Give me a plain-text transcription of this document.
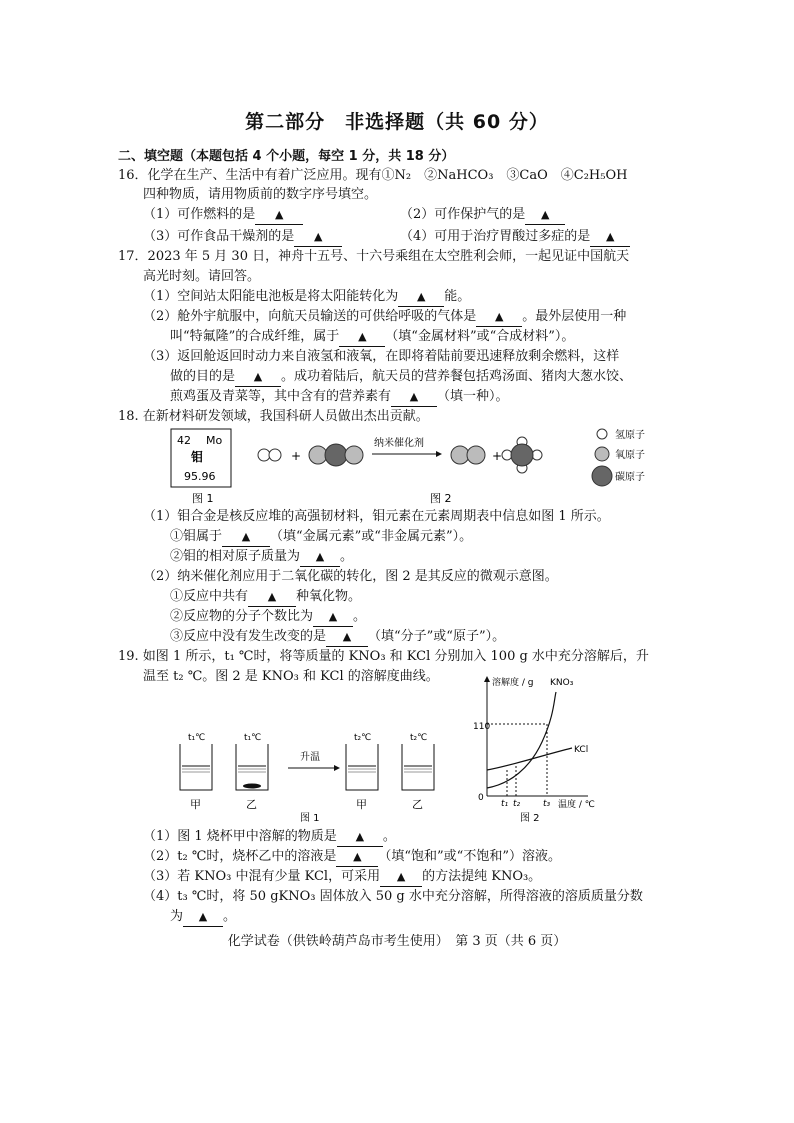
第二部分　非选择题（共 60 分）
二、填空题（本题包括 4 个小题，每空 1 分，共 18 分）
16．化学在生产、生活中有着广泛应用。现有①N₂　②NaHCO₃　③CaO　④C₂H₅OH
四种物质，请用物质前的数字序号填空。
（1）可作燃料的是 ▲	（2）可作保护气的是 ▲
（3）可作食品干燥剂的是 ▲	（4）可用于治疗胃酸过多症的是 ▲
17．2023 年 5 月 30 日，神舟十五号、十六号乘组在太空胜利会师，一起见证中国航天
高光时刻。请回答。
（1）空间站太阳能电池板是将太阳能转化为 ▲ 能。
（2）舱外宇航服中，向航天员输送的可供给呼吸的气体是 ▲ 。最外层使用一种
叫“特氟隆”的合成纤维，属于 ▲ （填“金属材料”或“合成材料”）。
（3）返回舱返回时动力来自液氢和液氧，在即将着陆前要迅速释放剩余燃料，这样
做的目的是 ▲ 。成功着陆后，航天员的营养餐包括鸡汤面、猪肉大葱水饺、
煎鸡蛋及青菜等，其中含有的营养素有 ▲ （填一种）。
18. 在新材料研发领域，我国科研人员做出杰出贡献。
42 Mo
钼
95.96
图 1
+
纳米催化剂
+
图 2
氢原子
氧原子
碳原子
（1）钼合金是核反应堆的高强韧材料，钼元素在元素周期表中信息如图 1 所示。
①钼属于 ▲ （填“金属元素”或“非金属元素”）。
②钼的相对原子质量为 ▲ 。
（2）纳米催化剂应用于二氧化碳的转化，图 2 是其反应的微观示意图。
①反应中共有 ▲ 种氧化物。
②反应物的分子个数比为 ▲ 。
③反应中没有发生改变的是 ▲ （填“分子”或“原子”）。
19. 如图 1 所示，t₁ ℃时，将等质量的 KNO₃ 和 KCl 分别加入 100 g 水中充分溶解后，升
温至 t₂ ℃。图 2 是 KNO₃ 和 KCl 的溶解度曲线。
t₁℃	t₁℃	t₂℃	t₂℃
升温
甲	乙	甲	乙
图 1
溶解度 / g KNO₃
KCl
110
0
t₁ t₂	t₃ 温度 / ℃
图 2
（1）图 1 烧杯甲中溶解的物质是 ▲ 。
（2）t₂ ℃时，烧杯乙中的溶液是 ▲ （填“饱和”或“不饱和”）溶液。
（3）若 KNO₃ 中混有少量 KCl，可采用 ▲ 的方法提纯 KNO₃。
（4）t₃ ℃时，将 50 gKNO₃ 固体放入 50 g 水中充分溶解，所得溶液的溶质质量分数
为 ▲ 。
化学试卷（供铁岭葫芦岛市考生使用）　第 3 页（共 6 页）
